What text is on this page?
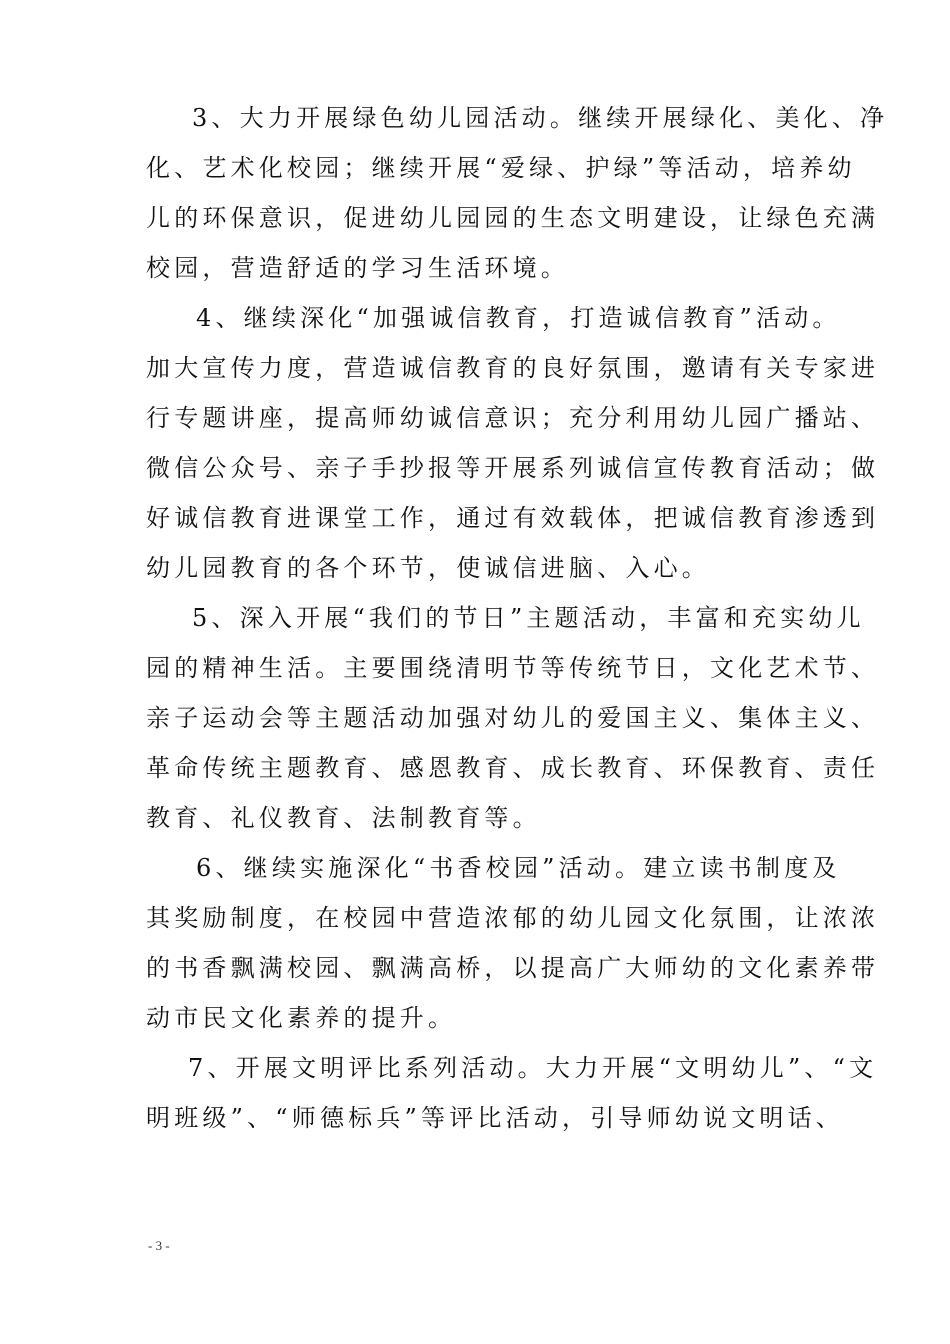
3、大力开展绿色幼儿园活动。继续开展绿化、美化、净
化、艺术化校园；继续开展“爱绿、护绿”等活动，培养幼
儿的环保意识，促进幼儿园园的生态文明建设，让绿色充满
校园，营造舒适的学习生活环境。
4、继续深化“加强诚信教育，打造诚信教育”活动。
加大宣传力度，营造诚信教育的良好氛围，邀请有关专家进
行专题讲座，提高师幼诚信意识；充分利用幼儿园广播站、
微信公众号、亲子手抄报等开展系列诚信宣传教育活动；做
好诚信教育进课堂工作，通过有效载体，把诚信教育渗透到
幼儿园教育的各个环节，使诚信进脑、入心。
5、深入开展“我们的节日”主题活动，丰富和充实幼儿
园的精神生活。主要围绕清明节等传统节日，文化艺术节、
亲子运动会等主题活动加强对幼儿的爱国主义、集体主义、
革命传统主题教育、感恩教育、成长教育、环保教育、责任
教育、礼仪教育、法制教育等。
6、继续实施深化“书香校园”活动。建立读书制度及
其奖励制度，在校园中营造浓郁的幼儿园文化氛围，让浓浓
的书香飘满校园、飘满高桥，以提高广大师幼的文化素养带
动市民文化素养的提升。
7、开展文明评比系列活动。大力开展“文明幼儿”、“文
明班级”、“师德标兵”等评比活动，引导师幼说文明话、
- 3 -
